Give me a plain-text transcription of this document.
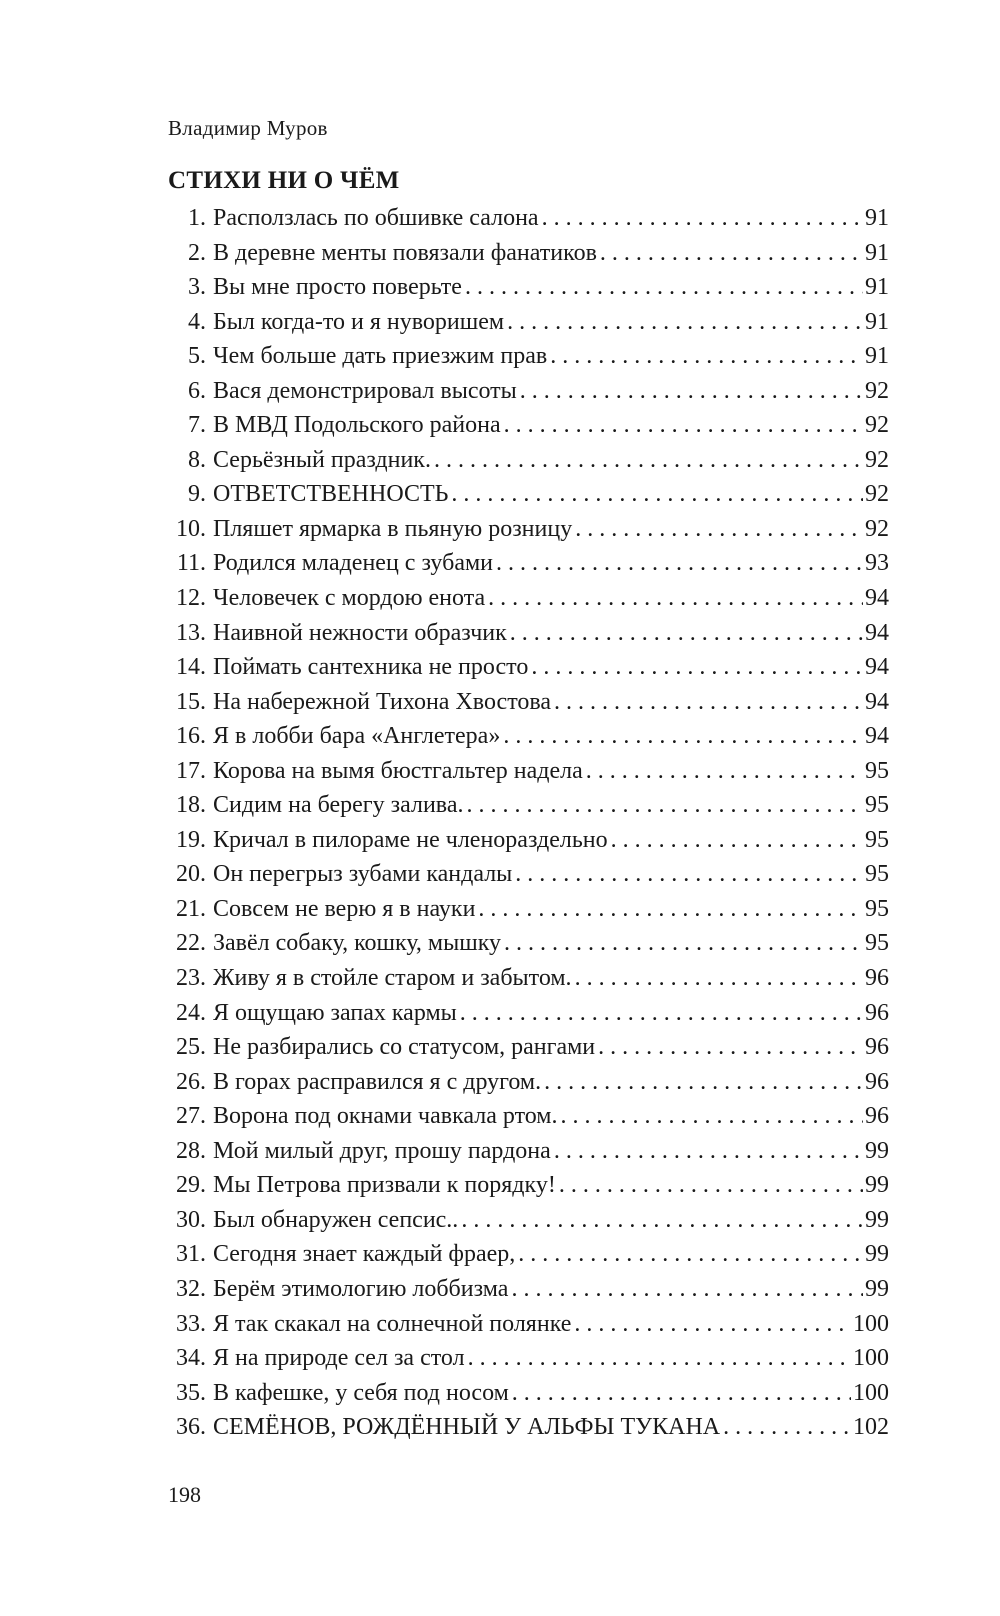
Владимир Муров
СТИХИ НИ О ЧЁМ
1. Расползлась по обшивке салона . . .	91
2. В деревне менты повязали фанатиков . . .	91
3. Вы мне просто поверьте . . .	91
4. Был когда-то и я нуворишем . . .	91
5. Чем больше дать приезжим прав . . .	91
6. Вася демонстрировал высоты . . .	92
7. В МВД Подольского района . . .	92
8. Серьёзный праздник. . . .	92
9. ОТВЕТСТВЕННОСТЬ . . .	92
10. Пляшет ярмарка в пьяную розницу . . .	92
11. Родился младенец с зубами . . .	93
12. Человечек с мордою енота . . .	94
13. Наивной нежности образчик . . .	94
14. Поймать сантехника не просто . . .	94
15. На набережной Тихона Хвостова . . .	94
16. Я в лобби бара «Англетера» . . .	94
17. Корова на вымя бюстгальтер надела . . .	95
18. Сидим на берегу залива. . . .	95
19. Кричал в пилораме не членораздельно . . .	95
20. Он перегрыз зубами кандалы . . .	95
21. Совсем не верю я в науки . . .	95
22. Завёл собаку, кошку, мышку . . .	95
23. Живу я в стойле старом и забытом. . . .	96
24. Я ощущаю запах кармы . . .	96
25. Не разбирались со статусом, рангами . . .	96
26. В горах расправился я с другом. . . .	96
27. Ворона под окнами чавкала ртом. . . .	96
28. Мой милый друг, прошу пардона . . .	99
29. Мы Петрова призвали к порядку! . . .	99
30. Был обнаружен сепсис.. . . .	99
31. Сегодня знает каждый фраер, . . .	99
32. Берём этимологию лоббизма . . .	99
33. Я так скакал на солнечной полянке . . .	100
34. Я на природе сел за стол . . .	100
35. В кафешке, у себя под носом . . .	100
36. СЕМЁНОВ, РОЖДЁННЫЙ У АЛЬФЫ ТУКАНА . . .	102
198
